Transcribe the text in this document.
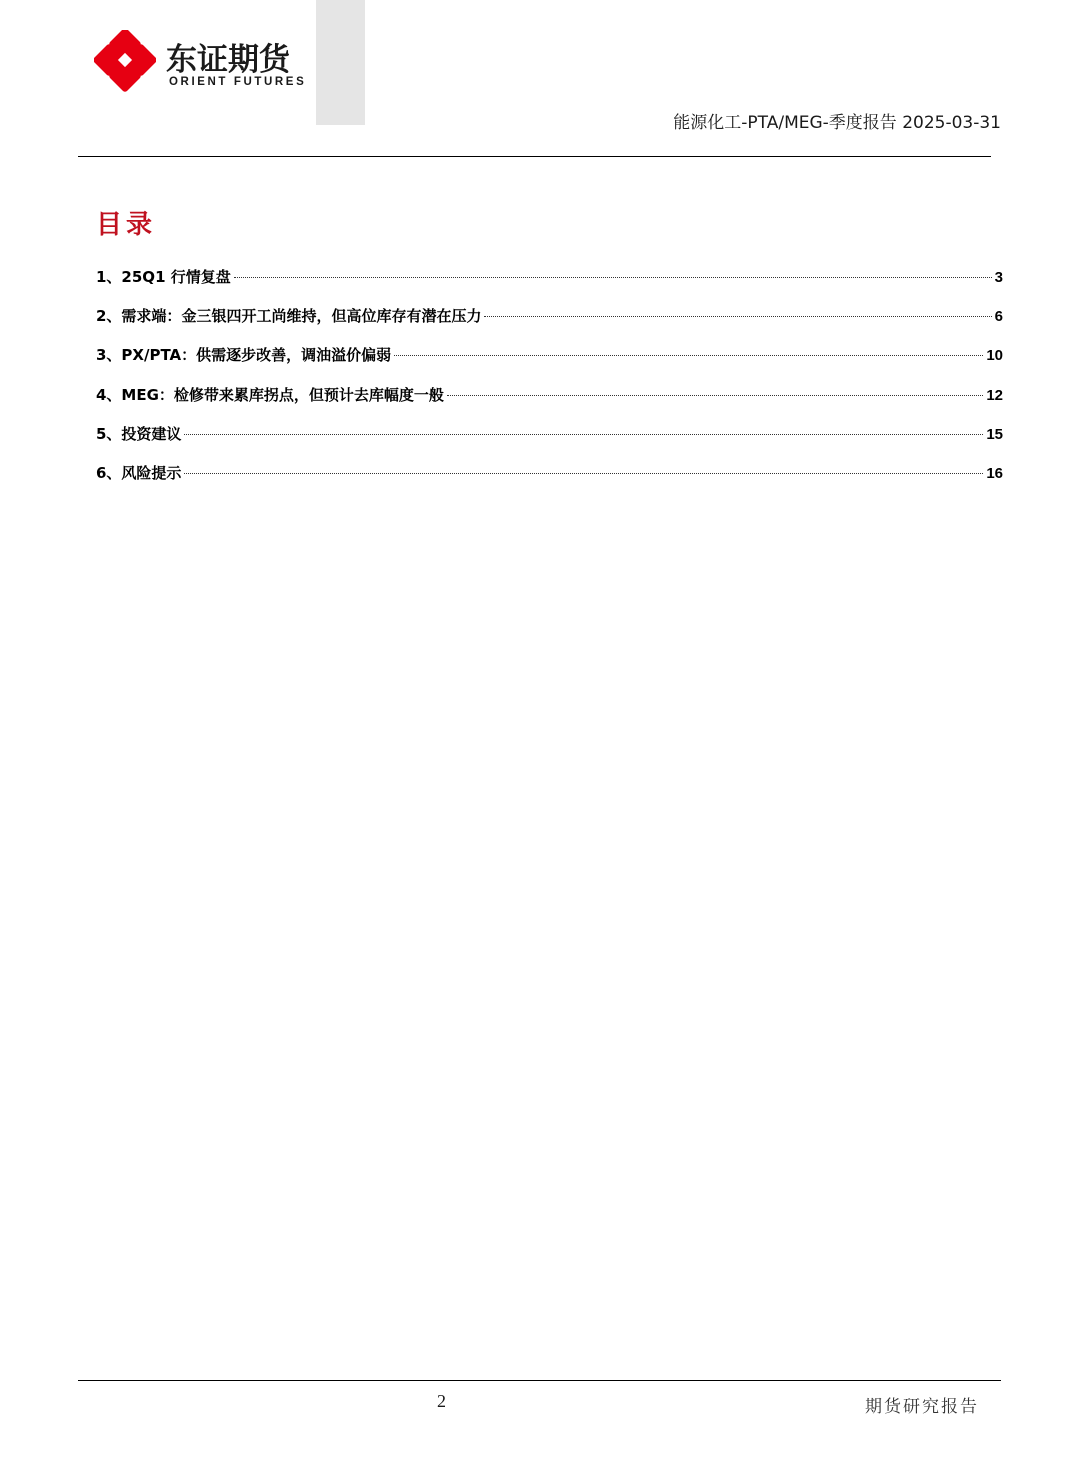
东证期货
ORIENT FUTURES
能源化工-PTA/MEG-季度报告 2025-03-31
目录
1、25Q1 行情复盘	3
2、需求端：金三银四开工尚维持，但高位库存有潜在压力	6
3、PX/PTA：供需逐步改善，调油溢价偏弱	10
4、MEG：检修带来累库拐点，但预计去库幅度一般	12
5、投资建议	15
6、风险提示	16
2	期货研究报告
